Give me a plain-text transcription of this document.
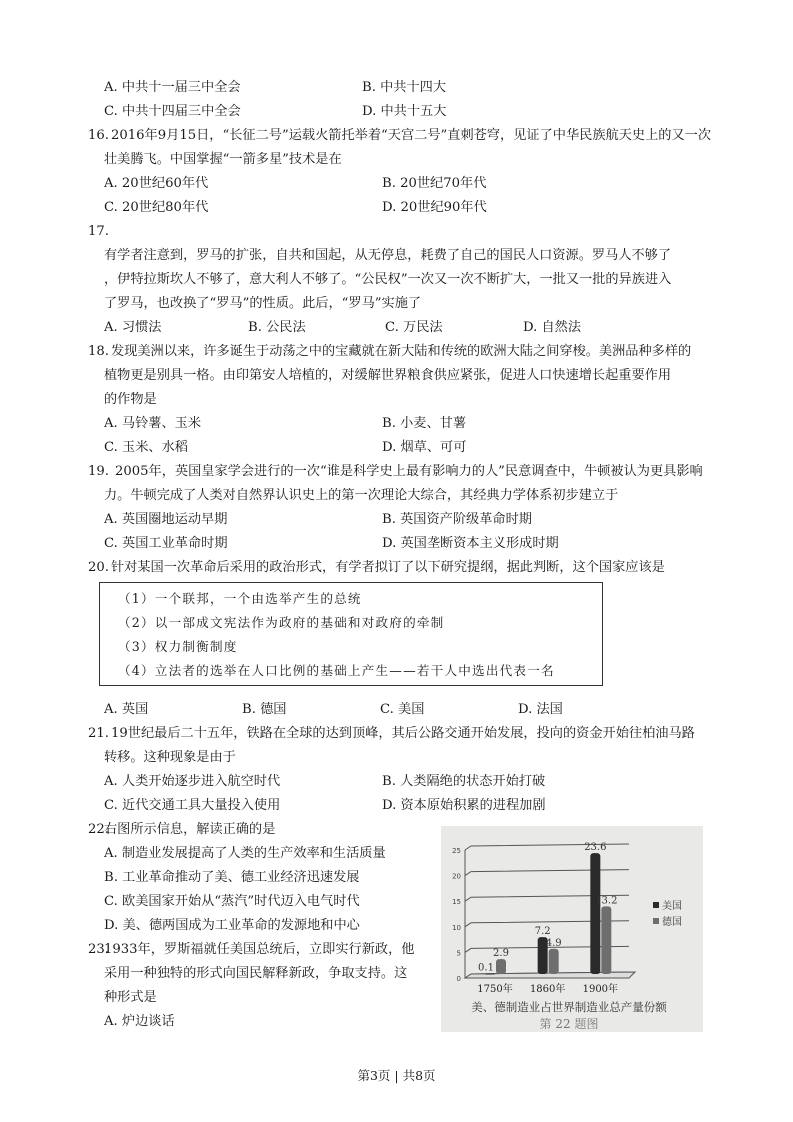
A. 中共十一届三中全会	B. 中共十四大
C. 中共十四届三中全会	D. 中共十五大
16. 2016年9月15日，“长征二号”运载火箭托举着“天宫二号”直刺苍穹，见证了中华民族航天史上的又一次
壮美腾飞。中国掌握“一箭多星”技术是在
A. 20世纪60年代	B. 20世纪70年代
C. 20世纪80年代	D. 20世纪90年代
17.
有学者注意到，罗马的扩张，自共和国起，从无停息，耗费了自己的国民人口资源。罗马人不够了
，伊特拉斯坎人不够了，意大利人不够了。“公民权”一次又一次不断扩大，一批又一批的异族进入
了罗马，也改换了“罗马”的性质。此后，“罗马”实施了
A. 习惯法	B. 公民法	C. 万民法	D. 自然法
18. 发现美洲以来，许多诞生于动荡之中的宝藏就在新大陆和传统的欧洲大陆之间穿梭。美洲品种多样的
植物更是别具一格。由印第安人培植的，对缓解世界粮食供应紧张，促进人口快速增长起重要作用
的作物是
A. 马铃薯、玉米	B. 小麦、甘薯
C. 玉米、水稻	D. 烟草、可可
19. 2005年，英国皇家学会进行的一次“谁是科学史上最有影响力的人”民意调查中，牛顿被认为更具影响
力。牛顿完成了人类对自然界认识史上的第一次理论大综合，其经典力学体系初步建立于
A. 英国圈地运动早期	B. 英国资产阶级革命时期
C. 英国工业革命时期	D. 英国垄断资本主义形成时期
20. 针对某国一次革命后采用的政治形式，有学者拟订了以下研究提纲，据此判断，这个国家应该是
（1）一个联邦，一个由选举产生的总统
（2）以一部成文宪法作为政府的基础和对政府的牵制
（3）权力制衡制度
（4）立法者的选举在人口比例的基础上产生——若干人中选出代表一名
A. 英国	B. 德国	C. 美国	D. 法国
21. 19世纪最后二十五年，铁路在全球的达到顶峰，其后公路交通开始发展，投向的资金开始往柏油马路
转移。这种现象是由于
A. 人类开始逐步进入航空时代	B. 人类隔绝的状态开始打破
C. 近代交通工具大量投入使用	D. 资本原始积累的进程加剧
22.
右图所示信息，解读正确的是
A. 制造业发展提高了人类的生产效率和生活质量
B. 工业革命推动了美、德工业经济迅速发展
C. 欧美国家开始从“蒸汽”时代迈入电气时代
D. 美、德两国成为工业革命的发源地和中心
23.
1933年，罗斯福就任美国总统后，立即实行新政，他
采用一种独特的形式向国民解释新政，争取支持。这
种形式是
A. 炉边谈话
0
5
10
15
20
25
0.1
2.9
7.2
4.9
23.6
13.2
1750年 1860年 1900年
美国
德国
美、德制造业占世界制造业总产量份额
第 22 题图
第3页 | 共8页
